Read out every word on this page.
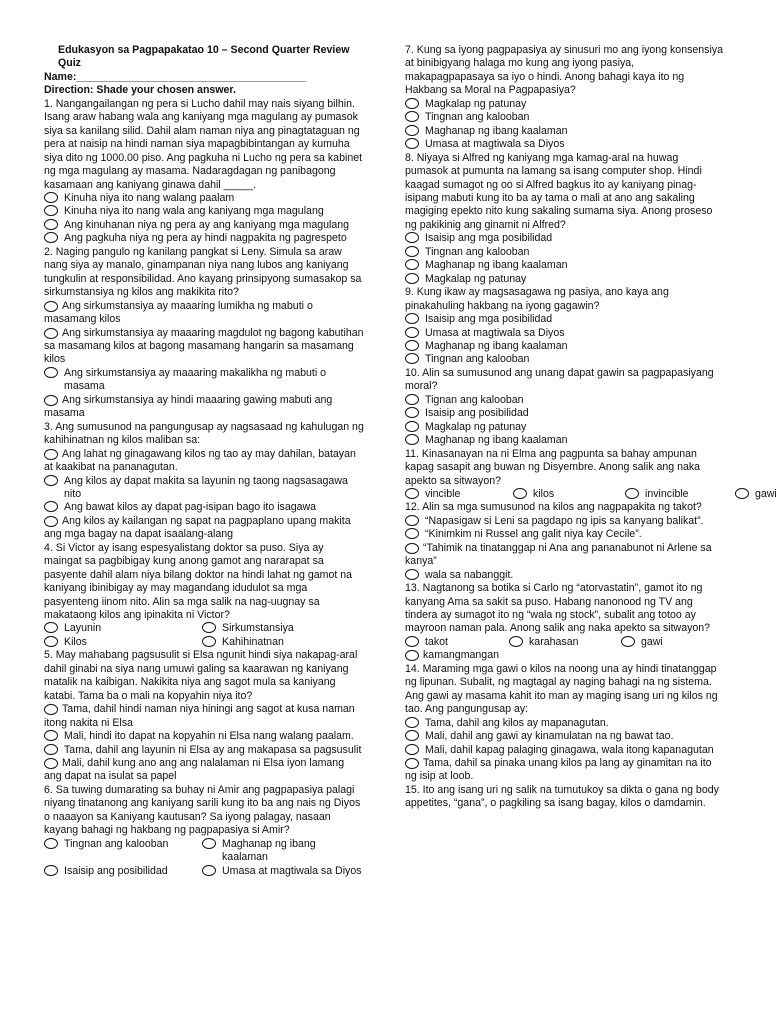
Edukasyon sa Pagpapakatao 10 – Second Quarter Review Quiz

Name:_______________________________________

Direction: Shade your chosen answer.

1. Nangangailangan ng pera si Lucho dahil may nais siyang bilhin. Isang araw habang wala ang kaniyang mga magulang ay pumasok siya sa kanilang silid. Dahil alam naman niya ang pinagtataguan ng pera at naisip na hindi naman siya mapagbibintangan ay kumuha siya dito ng 1000.00 piso. Ang pagkuha ni Lucho ng pera sa kabinet ng mga magulang ay masama. Nadaragdagan ng panibagong kasamaan ang kaniyang ginawa dahil _____.

Kinuha niya ito nang walang paalam
Kinuha niya ito nang wala ang kaniyang mga magulang
Ang kinuhanan niya ng pera ay ang kaniyang mga magulang
Ang pagkuha niya ng pera ay hindi nagpakita ng pagrespeto

2. Naging pangulo ng kanilang pangkat si Leny. Simula sa araw nang siya ay manalo, ginampanan niya nang lubos ang kaniyang tungkulin at responsibilidad. Ano kayang prinsipyong sumasakop sa sirkumstansiya ng kilos ang makikita rito?

Ang sirkumstansiya ay maaaring lumikha ng mabuti o masamang kilos
Ang sirkumstansiya ay maaaring magdulot ng bagong kabutihan sa masamang kilos at bagong masamang hangarin sa masamang kilos
Ang sirkumstansiya ay maaaring makalikha ng mabuti o masama
Ang sirkumstansiya ay hindi maaaring gawing mabuti ang masama

3. Ang sumusunod na pangungusap ay nagsasaad ng kahulugan ng kahihinatnan ng kilos maliban sa:

Ang lahat ng ginagawang kilos ng tao ay may dahilan, batayan at kaakibat na pananagutan.
Ang kilos ay dapat makita sa layunin ng taong nagsasagawa nito
Ang bawat kilos ay dapat pag-isipan bago ito isagawa
Ang kilos ay kailangan ng sapat na pagpaplano upang makita ang mga bagay na dapat isaalang-alang

4. Si Victor ay isang espesyalistang doktor sa puso. Siya ay maingat sa pagbibigay kung anong gamot ang nararapat sa pasyente dahil alam niya bilang doktor na hindi lahat ng gamot na kaniyang ibinibigay ay may magandang idudulot sa mga pasyenteng iinom nito. Alin sa mga salik na nag-uugnay sa makataong kilos ang ipinakita ni Victor?

Layunin	Sirkumstansiya
Kilos	Kahihinatnan

5. May mahabang pagsusulit si Elsa ngunit hindi siya nakapag-aral dahil ginabi na siya nang umuwi galing sa kaarawan ng kaniyang matalik na kaibigan. Nakikita niya ang sagot mula sa kaniyang katabi. Tama ba o mali na kopyahin niya ito?

Tama, dahil hindi naman niya hiningi ang sagot at kusa naman itong nakita ni Elsa
Mali, hindi ito dapat na kopyahin ni Elsa nang walang paalam.
Tama, dahil ang layunin ni Elsa ay ang makapasa sa pagsusulit
Mali, dahil kung ano ang ang nalalaman ni Elsa iyon lamang ang dapat na isulat sa papel

6. Sa tuwing dumarating sa buhay ni Amir ang pagpapasiya palagi niyang tinatanong ang kaniyang sarili kung ito ba ang nais ng Diyos o naaayon sa Kaniyang kautusan? Sa iyong palagay, nasaan kayang bahagi ng hakbang ng pagpapasiya si Amir?

Tingnan ang kalooban	Maghanap ng ibang kaalaman
Isaisip ang posibilidad	Umasa at magtiwala sa Diyos

7. Kung sa iyong pagpapasiya ay sinusuri mo ang iyong konsensiya at binibigyang halaga mo kung ang iyong pasiya, makapagpapasaya sa iyo o hindi. Anong bahagi kaya ito ng Hakbang sa Moral na Pagpapasiya?

Magkalap ng patunay
Tingnan ang kalooban
Maghanap ng ibang kaalaman
Umasa at magtiwala sa Diyos

8. Niyaya si Alfred ng kaniyang mga kamag-aral na huwag pumasok at pumunta na lamang sa isang computer shop. Hindi kaagad sumagot ng oo si Alfred bagkus ito ay kaniyang pinag-isipang mabuti kung ito ba ay tama o mali at ano ang sakaling magiging epekto nito kung sakaling sumama siya. Anong proseso ng pakikinig ang ginamit ni Alfred?

Isaisip ang mga posibilidad
Tingnan ang kalooban
Maghanap ng ibang kaalaman
Magkalap ng patunay

9. Kung ikaw ay magsasagawa ng pasiya, ano kaya ang pinakahuling hakbang na iyong gagawin?

Isaisip ang mga posibilidad
Umasa at magtiwala sa Diyos
Maghanap ng ibang kaalaman
Tingnan ang kalooban

10. Alin sa sumusunod ang unang dapat gawin sa pagpapasiyang moral?

Tignan ang kalooban
Isaisip ang posibilidad
Magkalap ng patunay
Maghanap ng ibang kaalaman

11. Kinasanayan na ni Elma ang pagpunta sa bahay ampunan kapag sasapit ang buwan ng Disyembre. Anong salik ang naka apekto sa sitwayon?

vincible	kilos	invincible	gawi

12. Alin sa mga sumusunod na kilos ang nagpapakita ng takot?

“Napasigaw si Leni sa pagdapo ng ipis sa kanyang balikat”.
“Kinimkim ni Russel ang galit niya kay Cecile”.
“Tahimik na tinatanggap ni Ana ang pananabunot ni Arlene sa kanya”
wala sa nabanggit.

13. Nagtanong sa botika si Carlo ng “atorvastatin”, gamot ito ng kanyang Ama sa sakit sa puso. Habang nanonood ng TV ang tindera ay sumagot ito ng “wala ng stock”, subalit ang totoo ay mayroon naman pala. Anong salik ang naka apekto sa sitwayon?

takot	karahasan	gawi
kamangmangan

14. Maraming mga gawi o kilos na noong una ay hindi tinatanggap ng lipunan. Subalit, ng magtagal ay naging bahagi na ng sistema. Ang gawi ay masama kahit ito man ay maging isang uri ng kilos ng tao. Ang pangungusap ay:

Tama, dahil ang kilos ay mapanagutan.
Mali, dahil ang gawi ay kinamulatan na ng bawat tao.
Mali, dahil kapag palaging ginagawa, wala itong kapanagutan
Tama, dahil sa pinaka unang kilos pa lang ay ginamitan na ito ng isip at loob.

15. Ito ang isang uri ng salik na tumutukoy sa dikta o gana ng body appetites, “gana”, o pagkiling sa isang bagay, kilos o damdamin.
